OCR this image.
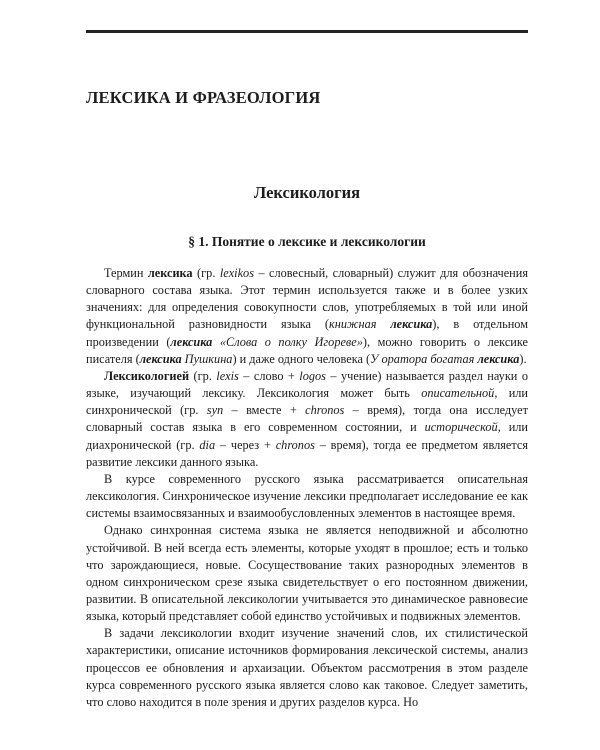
ЛЕКСИКА И ФРАЗЕОЛОГИЯ
Лексикология
§ 1. Понятие о лексике и лексикологии

Термин лексика (гр. lexikos – словесный, словарный) служит для обозначения словарного состава языка. Этот термин используется также и в более узких значениях: для определения совокупности слов, употребляемых в той или иной функциональной разновидности языка (книжная лексика), в отдельном произведении (лексика «Слова о полку Игореве»), можно говорить о лексике писателя (лексика Пушкина) и даже одного человека (У оратора богатая лексика).

Лексикологией (гр. lexis – слово + logos – учение) называется раздел науки о языке, изучающий лексику. Лексикология может быть описательной, или синхронической (гр. syn – вместе + chronos – время), тогда она исследует словарный состав языка в его современном состоянии, и исторической, или диахронической (гр. dia – через + chronos – время), тогда ее предметом является развитие лексики данного языка.

В курсе современного русского языка рассматривается описательная лексикология. Синхроническое изучение лексики предполагает исследование ее как системы взаимосвязанных и взаимообусловленных элементов в настоящее время.

Однако синхронная система языка не является неподвижной и абсолютно устойчивой. В ней всегда есть элементы, которые уходят в прошлое; есть и только что зарождающиеся, новые. Сосуществование таких разнородных элементов в одном синхроническом срезе языка свидетельствует о его постоянном движении, развитии. В описательной лексикологии учитывается это динамическое равновесие языка, который представляет собой единство устойчивых и подвижных элементов.

В задачи лексикологии входит изучение значений слов, их стилистической характеристики, описание источников формирования лексической системы, анализ процессов ее обновления и архаизации. Объектом рассмотрения в этом разделе курса современного русского языка является слово как таковое. Следует заметить, что слово находится в поле зрения и других разделов курса. Но
